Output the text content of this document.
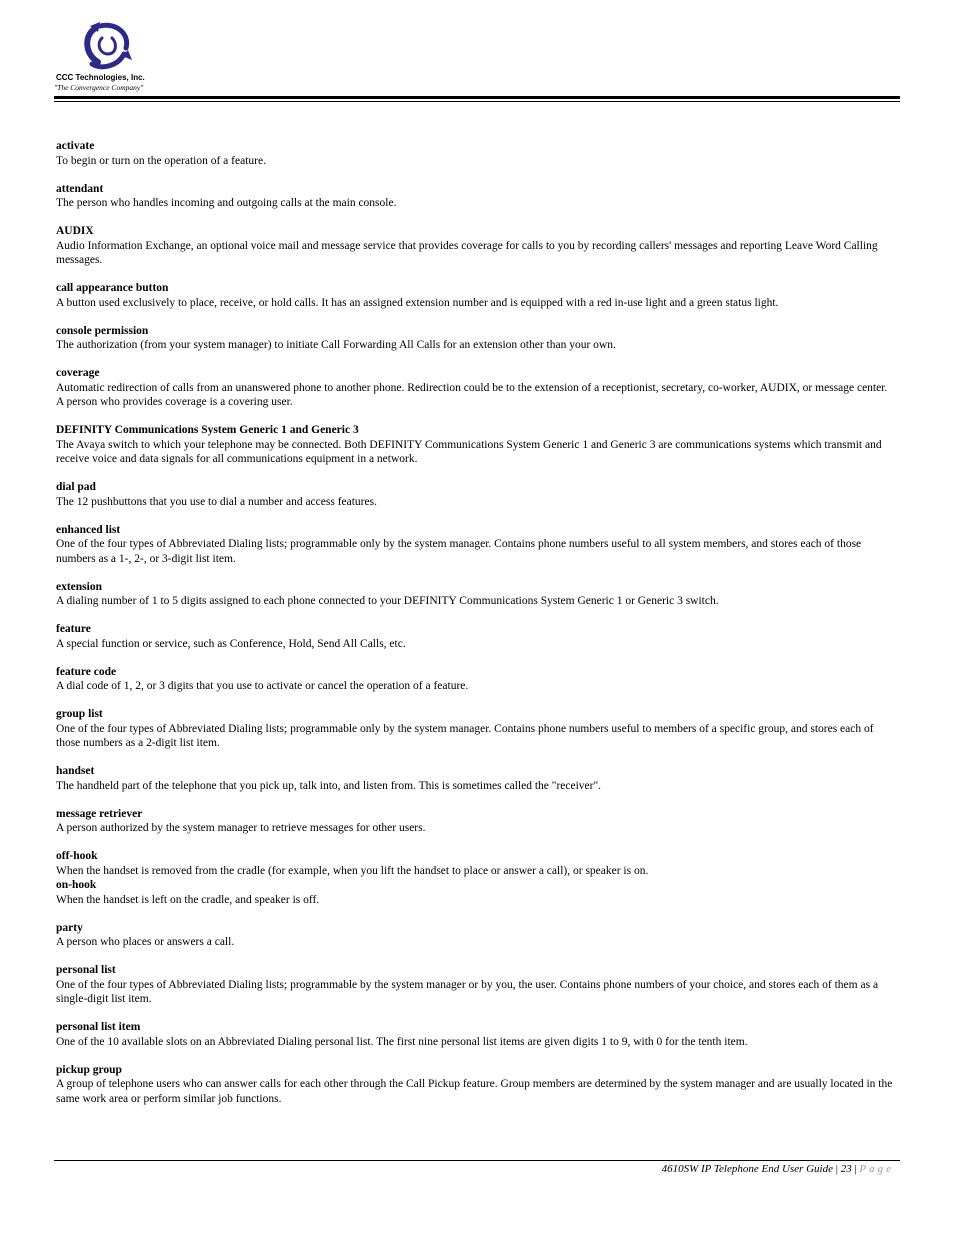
CCC Technologies, Inc.
"The Convergence Company"
activate
To begin or turn on the operation of a feature.
attendant
The person who handles incoming and outgoing calls at the main console.
AUDIX
Audio Information Exchange, an optional voice mail and message service that provides coverage for calls to you by recording callers' messages and reporting Leave Word Calling messages.
call appearance button
A button used exclusively to place, receive, or hold calls. It has an assigned extension number and is equipped with a red in-use light and a green status light.
console permission
The authorization (from your system manager) to initiate Call Forwarding All Calls for an extension other than your own.
coverage
Automatic redirection of calls from an unanswered phone to another phone. Redirection could be to the extension of a receptionist, secretary, co-worker, AUDIX, or message center. A person who provides coverage is a covering user.
DEFINITY Communications System Generic 1 and Generic 3
The Avaya switch to which your telephone may be connected. Both DEFINITY Communications System Generic 1 and Generic 3 are communications systems which transmit and receive voice and data signals for all communications equipment in a network.
dial pad
The 12 pushbuttons that you use to dial a number and access features.
enhanced list
One of the four types of Abbreviated Dialing lists; programmable only by the system manager. Contains phone numbers useful to all system members, and stores each of those numbers as a 1-, 2-, or 3-digit list item.
extension
A dialing number of 1 to 5 digits assigned to each phone connected to your DEFINITY Communications System Generic 1 or Generic 3 switch.
feature
A special function or service, such as Conference, Hold, Send All Calls, etc.
feature code
A dial code of 1, 2, or 3 digits that you use to activate or cancel the operation of a feature.
group list
One of the four types of Abbreviated Dialing lists; programmable only by the system manager. Contains phone numbers useful to members of a specific group, and stores each of those numbers as a 2-digit list item.
handset
The handheld part of the telephone that you pick up, talk into, and listen from. This is sometimes called the "receiver".
message retriever
A person authorized by the system manager to retrieve messages for other users.
off-hook
When the handset is removed from the cradle (for example, when you lift the handset to place or answer a call), or speaker is on.
on-hook
When the handset is left on the cradle, and speaker is off.
party
A person who places or answers a call.
personal list
One of the four types of Abbreviated Dialing lists; programmable by the system manager or by you, the user. Contains phone numbers of your choice, and stores each of them as a single-digit list item.
personal list item
One of the 10 available slots on an Abbreviated Dialing personal list. The first nine personal list items are given digits 1 to 9, with 0 for the tenth item.
pickup group
A group of telephone users who can answer calls for each other through the Call Pickup feature. Group members are determined by the system manager and are usually located in the same work area or perform similar job functions.
4610SW IP Telephone End User Guide | 23 | Page
